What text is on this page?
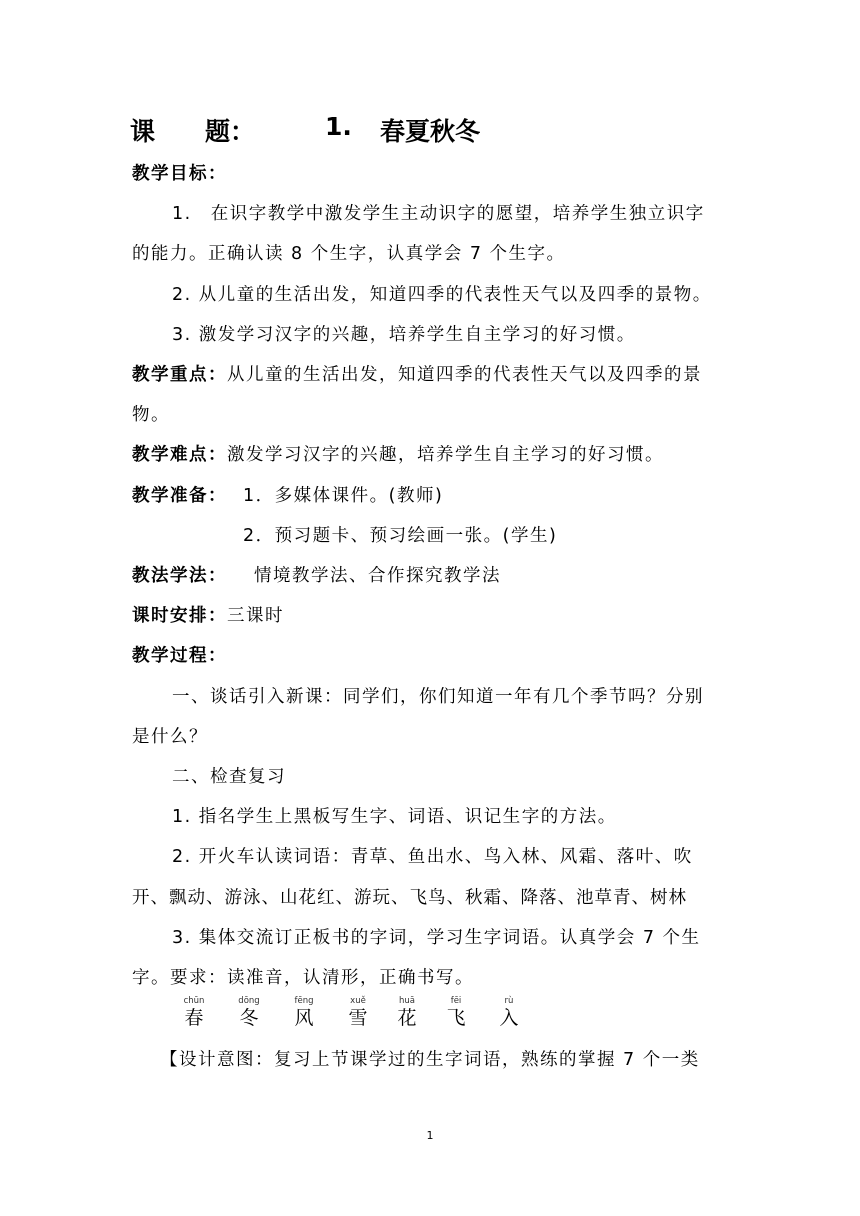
课　　题：	1. 春夏秋冬
教学目标：
1.　在识字教学中激发学生主动识字的愿望，培养学生独立识字
的能力。正确认读 8 个生字，认真学会 7 个生字。
2. 从儿童的生活出发，知道四季的代表性天气以及四季的景物。
3. 激发学习汉字的兴趣，培养学生自主学习的好习惯。
教学重点：从儿童的生活出发，知道四季的代表性天气以及四季的景
物。
教学难点：激发学习汉字的兴趣，培养学生自主学习的好习惯。
教学准备： 1．多媒体课件。(教师)
2．预习题卡、预习绘画一张。(学生)
教法学法： 情境教学法、合作探究教学法
课时安排：三课时
教学过程：
一、谈话引入新课：同学们，你们知道一年有几个季节吗？分别
是什么？
二、检查复习
1. 指名学生上黑板写生字、词语、识记生字的方法。
2. 开火车认读词语：青草、鱼出水、鸟入林、风霜、落叶、吹
开、飘动、游泳、山花红、游玩、飞鸟、秋霜、降落、池草青、树林
3. 集体交流订正板书的字词，学习生字词语。认真学会 7 个生
字。要求：读准音，认清形，正确书写。
chūn
春
dōng
冬
fēng
风
xuě
雪
huā
花
fēi
飞
rù
入
【设计意图：复习上节课学过的生字词语，熟练的掌握 7 个一类
1
